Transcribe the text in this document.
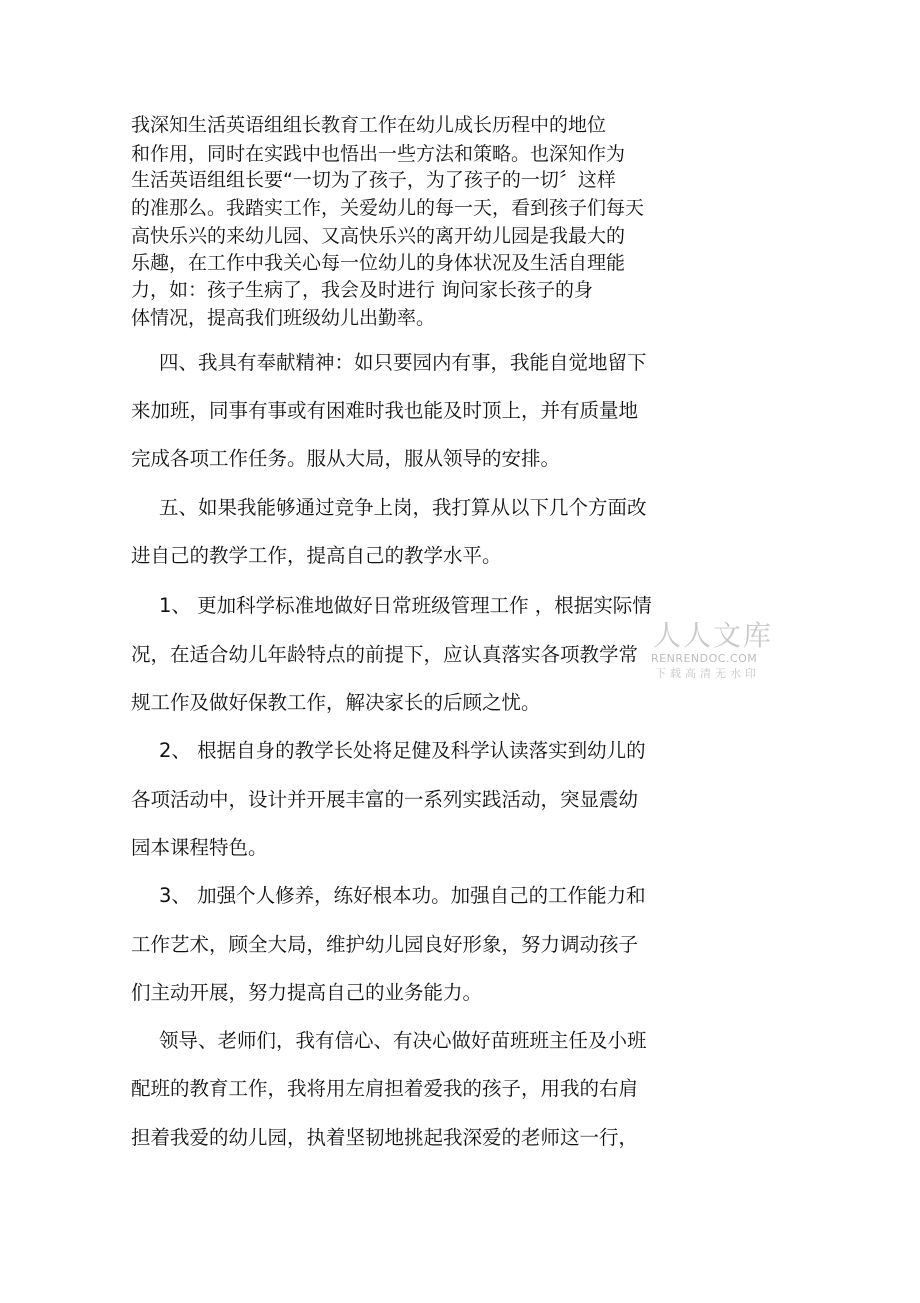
我深知生活英语组组长教育工作在幼儿成长历程中的地位
和作用，同时在实践中也悟出一些方法和策略。也深知作为
生活英语组组长要“一切为了孩子，为了孩子的一切〞这样
的准那么。我踏实工作，关爱幼儿的每一天，看到孩子们每天
高快乐兴的来幼儿园、又高快乐兴的离开幼儿园是我最大的
乐趣，在工作中我关心每一位幼儿的身体状况及生活自理能
力，如：孩子生病了，我会及时进行 询问家长孩子的身
体情况，提高我们班级幼儿出勤率。
四、我具有奉献精神：如只要园内有事，我能自觉地留下
来加班，同事有事或有困难时我也能及时顶上，并有质量地
完成各项工作任务。服从大局，服从领导的安排。
五、如果我能够通过竞争上岗，我打算从以下几个方面改
进自己的教学工作，提高自己的教学水平。
1、 更加科学标准地做好日常班级管理工作 ，根据实际情
况，在适合幼儿年龄特点的前提下，应认真落实各项教学常
规工作及做好保教工作，解决家长的后顾之忧。
2、 根据自身的教学长处将足健及科学认读落实到幼儿的
各项活动中，设计并开展丰富的一系列实践活动，突显震幼
园本课程特色。
3、 加强个人修养，练好根本功。加强自己的工作能力和
工作艺术，顾全大局，维护幼儿园良好形象，努力调动孩子
们主动开展，努力提高自己的业务能力。
领导、老师们，我有信心、有决心做好苗班班主任及小班
配班的教育工作，我将用左肩担着爱我的孩子，用我的右肩
担着我爱的幼儿园，执着坚韧地挑起我深爱的老师这一行，
人人文库
RENRENDOC.COM
下载高清无水印
